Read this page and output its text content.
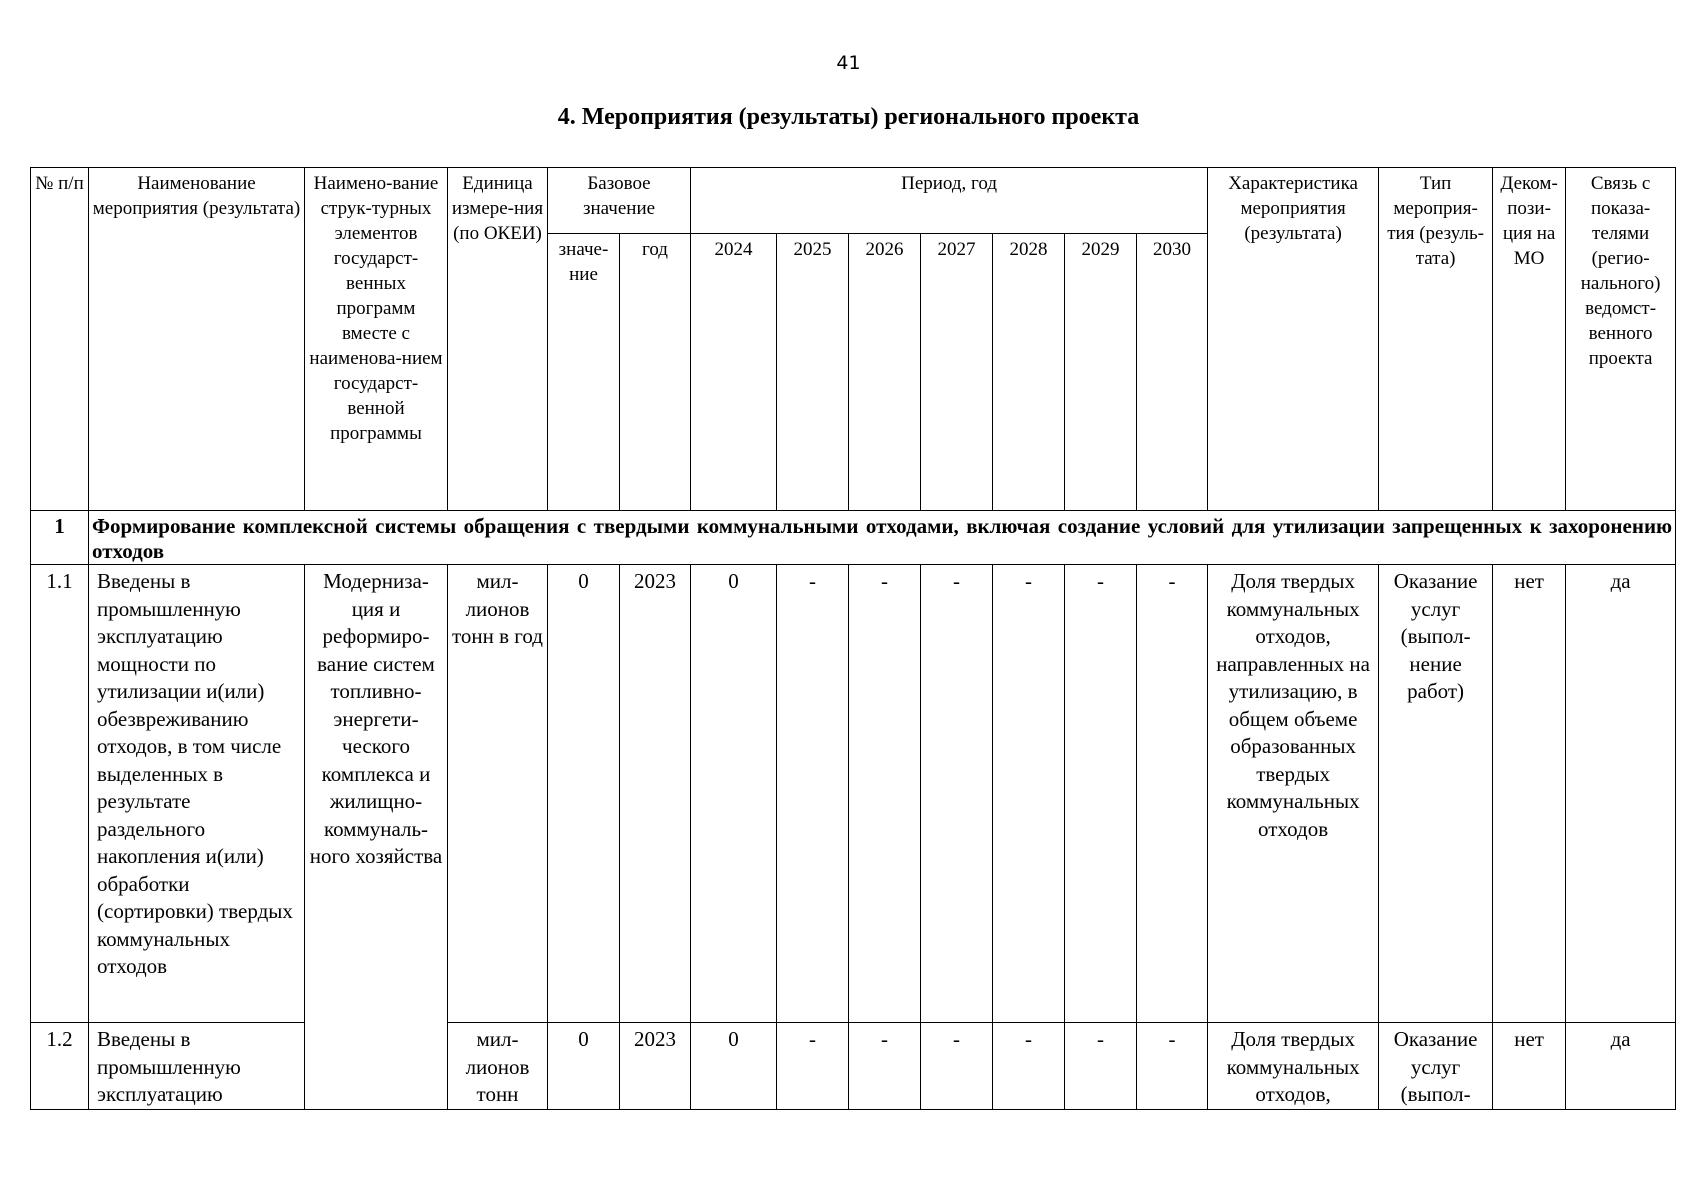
41
4. Мероприятия (результаты) регионального проекта
№ п/п	Наименование мероприятия (результата)	Наимено-вание струк-турных элементов государст-венных программ вместе с наименова-нием государст-венной программы	Единица измере-ния (по ОКЕИ)	Базовое значение		Период, год							Характеристика мероприятия (результата)	Тип мероприя-тия (резуль-тата)	Деком-пози-ция на МО	Связь с показа-телями (регио-нального) ведомст-венного проекта
				значе-ние	год	2024	2025	2026	2027	2028	2029	2030				
1	Формирование комплексной системы обращения с твердыми коммунальными отходами, включая создание условий для утилизации запрещенных к захоронению отходов															
1.1	Введены в промышленную эксплуатацию мощности по утилизации и(или) обезвреживанию отходов, в том числе выделенных в результате раздельного накопления и(или) обработки (сортировки) твердых коммунальных отходов	Модерниза-ция и реформиро-вание систем топливно-энергети-ческого комплекса и жилищно-коммуналь-ного хозяйства	мил-лионов тонн в год	0	2023	0	-	-	-	-	-	-	Доля твердых коммунальных отходов, направленных на утилизацию, в общем объеме образованных твердых коммунальных отходов	Оказание услуг (выпол-нение работ)	нет	да
1.2	Введены в промышленную эксплуатацию		мил-лионов тонн	0	2023	0	-	-	-	-	-	-	Доля твердых коммунальных отходов,	Оказание услуг (выпол-	нет	да
